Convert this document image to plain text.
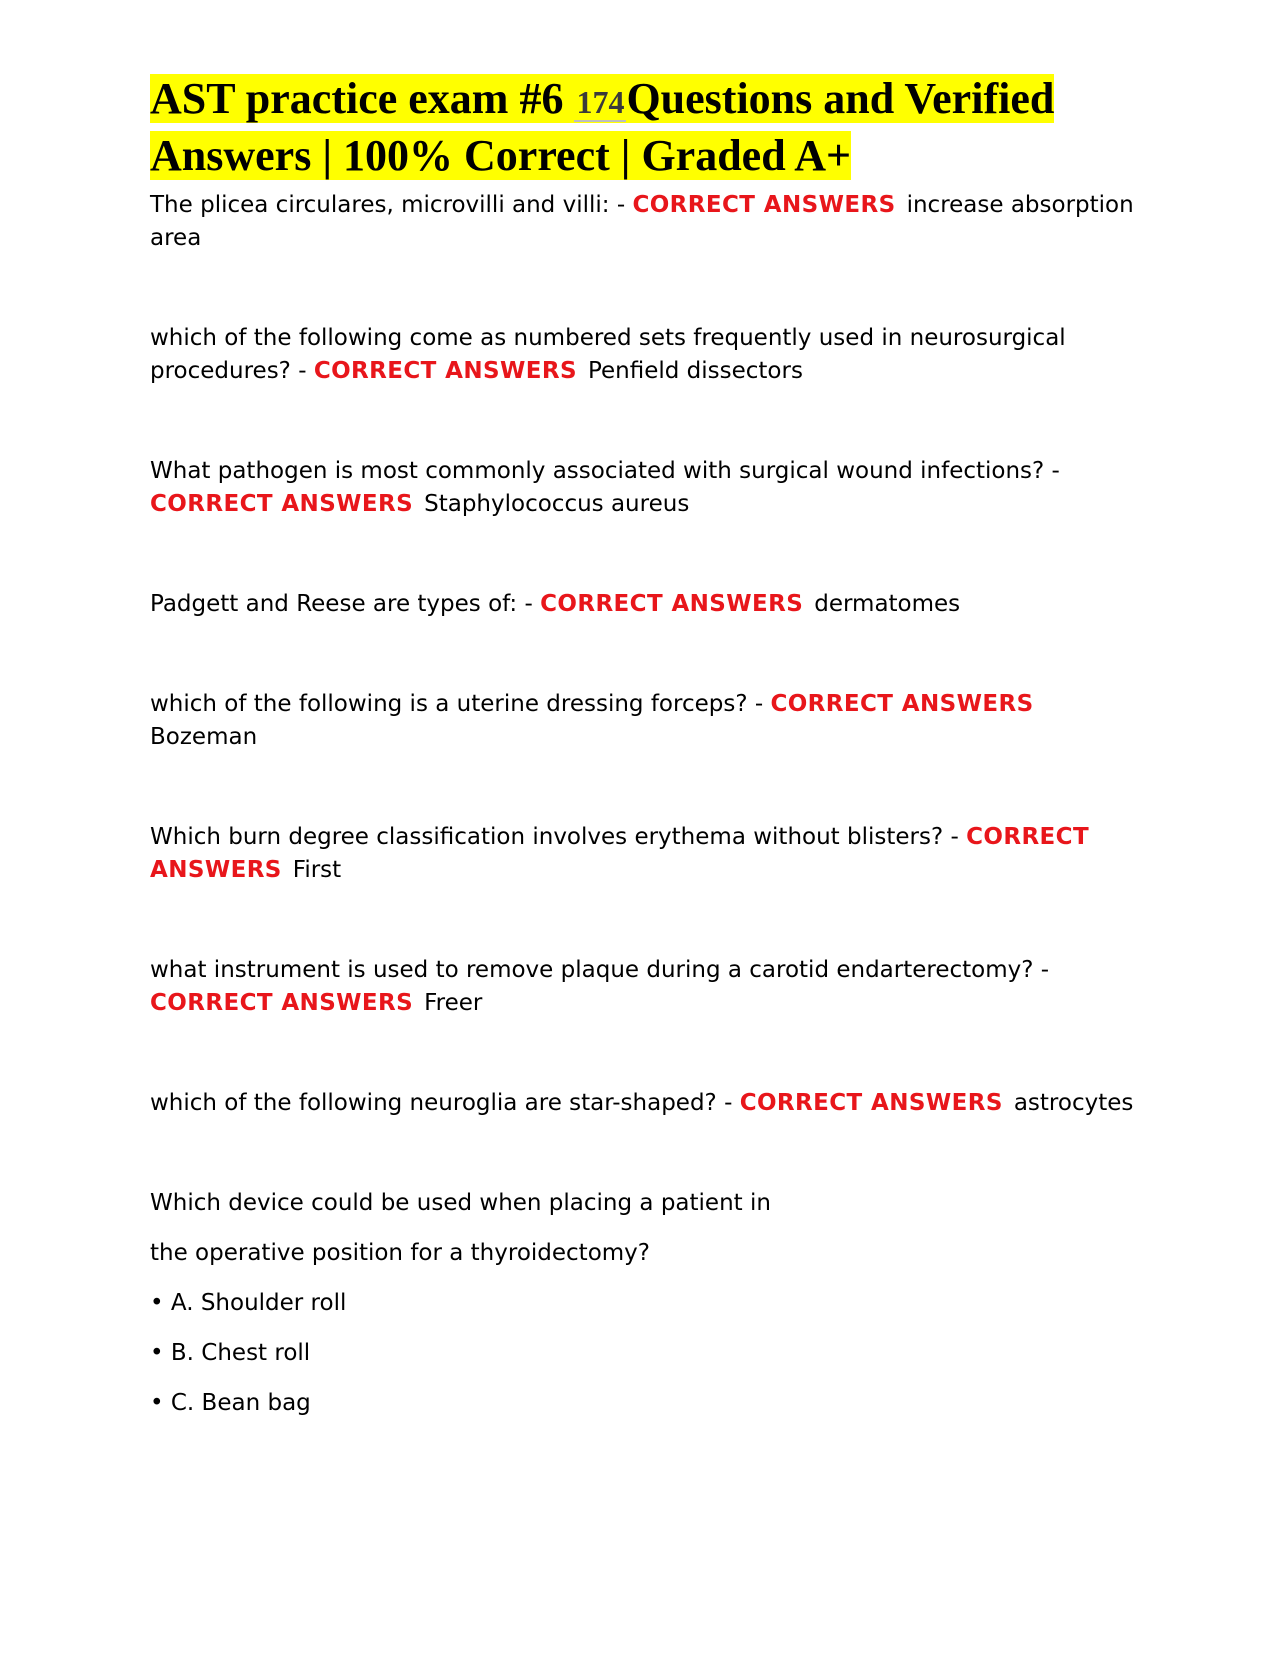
AST practice exam #6 174Questions and Verified Answers | 100% Correct | Graded A+
The plicea circulares, microvilli and villi: - CORRECT ANSWERS increase absorption area
which of the following come as numbered sets frequently used in neurosurgical procedures? - CORRECT ANSWERS Penfield dissectors
What pathogen is most commonly associated with surgical wound infections? - CORRECT ANSWERS Staphylococcus aureus
Padgett and Reese are types of: - CORRECT ANSWERS dermatomes
which of the following is a uterine dressing forceps? - CORRECT ANSWERSBozeman
Which burn degree classification involves erythema without blisters? - CORRECT ANSWERS First
what instrument is used to remove plaque during a carotid endarterectomy? - CORRECT ANSWERS Freer
which of the following neuroglia are star-shaped? - CORRECT ANSWERS astrocytes

Which device could be used when placing a patient in

the operative position for a thyroidectomy?

• A. Shoulder roll

• B. Chest roll

• C. Bean bag
